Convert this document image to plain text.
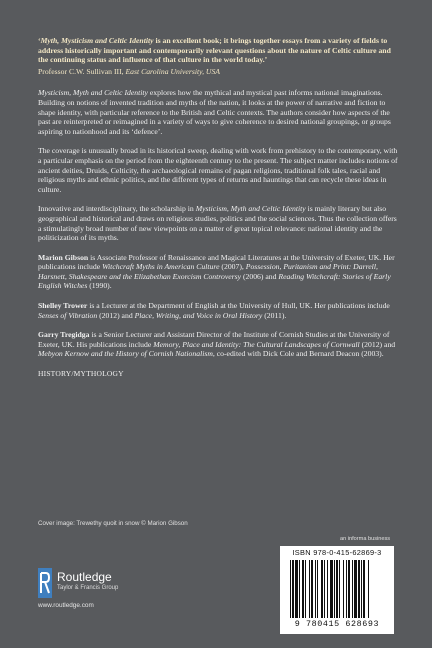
‘Myth, Mysticism and Celtic Identity is an excellent book; it brings together essays from a variety of fields to address historically important and contemporarily relevant questions about the nature of Celtic culture and the continuing status and influence of that culture in the world today.’

Professor C.W. Sullivan III, East Carolina University, USA

Mysticism, Myth and Celtic Identity explores how the mythical and mystical past informs national imaginations. Building on notions of invented tradition and myths of the nation, it looks at the power of narrative and fiction to shape identity, with particular reference to the British and Celtic contexts. The authors consider how aspects of the past are reinterpreted or reimagined in a variety of ways to give coherence to desired national groupings, or groups aspiring to nationhood and its ‘defence’.

The coverage is unusually broad in its historical sweep, dealing with work from prehistory to the contemporary, with a particular emphasis on the period from the eighteenth century to the present. The subject matter includes notions of ancient deities, Druids, Celticity, the archaeological remains of pagan religions, traditional folk tales, racial and religious myths and ethnic politics, and the different types of returns and hauntings that can recycle these ideas in culture.

Innovative and interdisciplinary, the scholarship in Mysticism, Myth and Celtic Identity is mainly literary but also geographical and historical and draws on religious studies, politics and the social sciences. Thus the collection offers a stimulatingly broad number of new viewpoints on a matter of great topical relevance: national identity and the politicization of its myths.

Marion Gibson is Associate Professor of Renaissance and Magical Literatures at the University of Exeter, UK. Her publications include Witchcraft Myths in American Culture (2007), Possession, Puritanism and Print: Darrell, Harsnett, Shakespeare and the Elizabethan Exorcism Controversy (2006) and Reading Witchcraft: Stories of Early English Witches (1990).

Shelley Trower is a Lecturer at the Department of English at the University of Hull, UK. Her publications include Senses of Vibration (2012) and Place, Writing, and Voice in Oral History (2011).

Garry Tregidga is a Senior Lecturer and Assistant Director of the Institute of Cornish Studies at the University of Exeter, UK. His publications include Memory, Place and Identity: The Cultural Landscapes of Cornwall (2012) and Mebyon Kernow and the History of Cornish Nationalism, co-edited with Dick Cole and Bernard Deacon (2003).

HISTORY/MYTHOLOGY

Cover image: Trewethy quoit in snow © Marion Gibson
Routledge
Taylor & Francis Group
www.routledge.com
an informa business
ISBN 978-0-415-62869-3
9 780415 628693
